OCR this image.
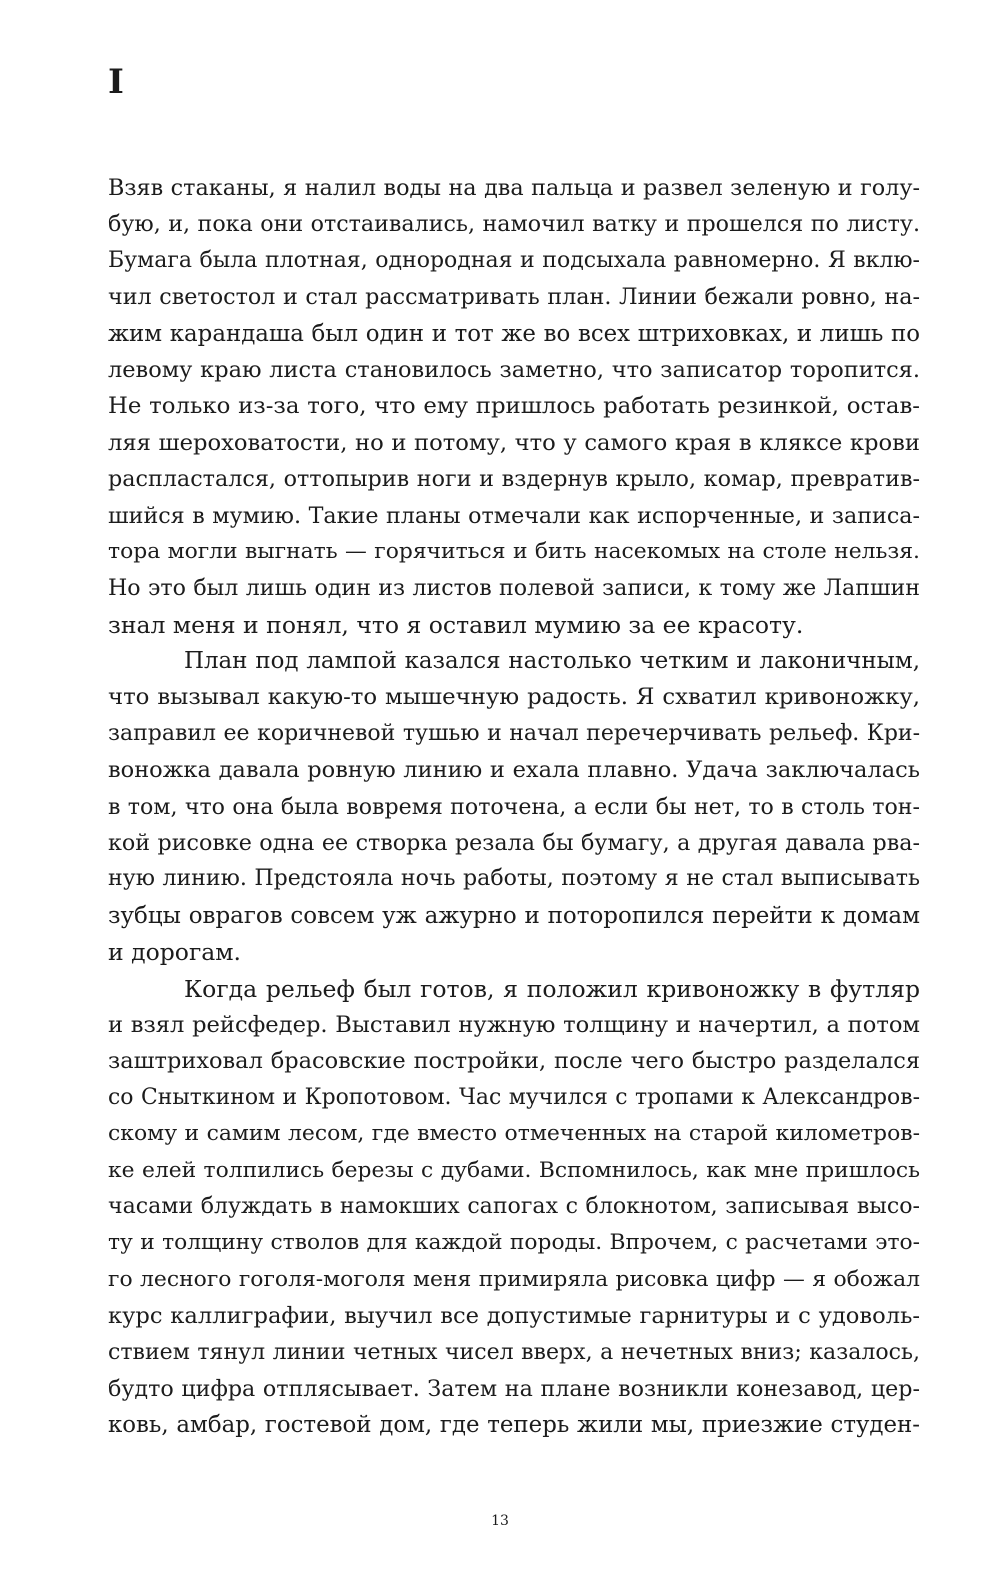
I
Взяв стаканы, я налил воды на два пальца и развел зеленую и голу-
бую, и, пока они отстаивались, намочил ватку и прошелся по листу.
Бумага была плотная, однородная и подсыхала равномерно. Я вклю-
чил светостол и стал рассматривать план. Линии бежали ровно, на-
жим карандаша был один и тот же во всех штриховках, и лишь по
левому краю листа становилось заметно, что записатор торопится.
Не только из-за того, что ему пришлось работать резинкой, остав-
ляя шероховатости, но и потому, что у самого края в кляксе крови
распластался, оттопырив ноги и вздернув крыло, комар, превратив-
шийся в мумию. Такие планы отмечали как испорченные, и записа-
тора могли выгнать — горячиться и бить насекомых на столе нельзя.
Но это был лишь один из листов полевой записи, к тому же Лапшин
знал меня и понял, что я оставил мумию за ее красоту.
План под лампой казался настолько четким и лаконичным,
что вызывал какую-то мышечную радость. Я схватил кривоножку,
заправил ее коричневой тушью и начал перечерчивать рельеф. Кри-
воножка давала ровную линию и ехала плавно. Удача заключалась
в том, что она была вовремя поточена, а если бы нет, то в столь тон-
кой рисовке одна ее створка резала бы бумагу, а другая давала рва-
ную линию. Предстояла ночь работы, поэтому я не стал выписывать
зубцы оврагов совсем уж ажурно и поторопился перейти к домам
и дорогам.
Когда рельеф был готов, я положил кривоножку в футляр
и взял рейсфедер. Выставил нужную толщину и начертил, а потом
заштриховал брасовские постройки, после чего быстро разделался
со Сныткином и Кропотовом. Час мучился с тропами к Александров-
скому и самим лесом, где вместо отмеченных на старой километров-
ке елей толпились березы с дубами. Вспомнилось, как мне пришлось
часами блуждать в намокших сапогах с блокнотом, записывая высо-
ту и толщину стволов для каждой породы. Впрочем, с расчетами это-
го лесного гоголя-моголя меня примиряла рисовка цифр — я обожал
курс каллиграфии, выучил все допустимые гарнитуры и с удоволь-
ствием тянул линии четных чисел вверх, а нечетных вниз; казалось,
будто цифра отплясывает. Затем на плане возникли конезавод, цер-
ковь, амбар, гостевой дом, где теперь жили мы, приезжие студен-
13
